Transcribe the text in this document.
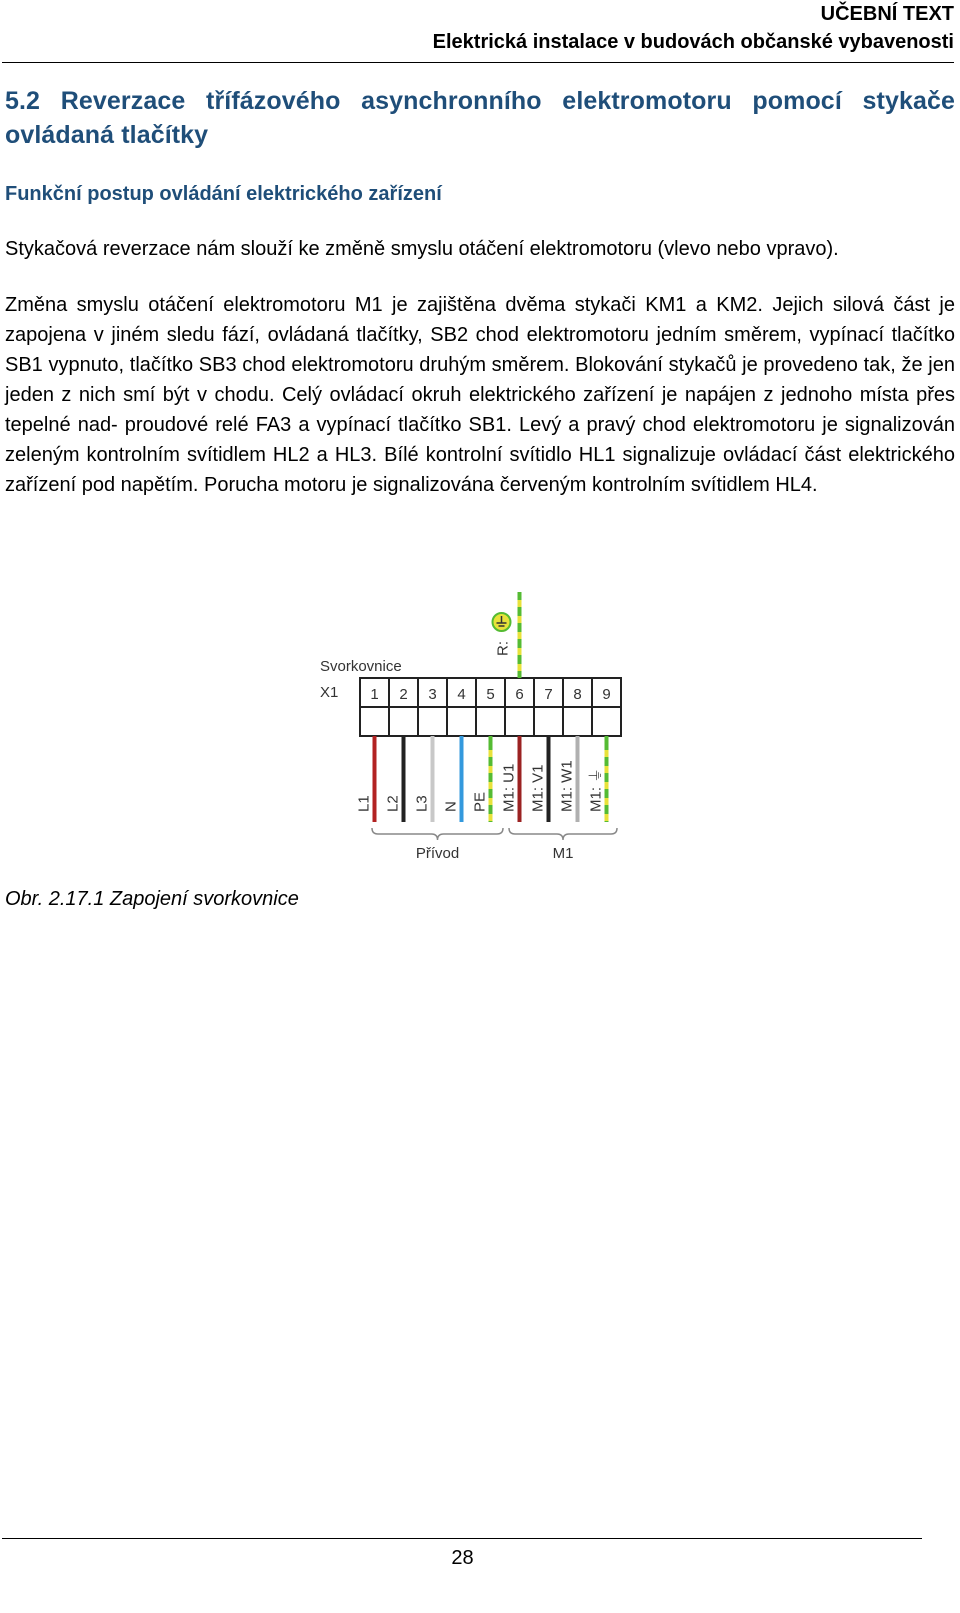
UČEBNÍ TEXT
Elektrická instalace v budovách občanské vybavenosti
5.2 Reverzace třífázového asynchronního elektromotoru pomocí stykače ovládaná tlačítky
Funkční postup ovládání elektrického zařízení

Stykačová reverzace nám slouží ke změně smyslu otáčení elektromotoru (vlevo nebo vpravo).

Změna smyslu otáčení elektromotoru M1 je zajištěna dvěma stykači KM1 a KM2. Jejich silová část je zapojena v jiném sledu fází, ovládaná tlačítky, SB2 chod elektromotoru jedním směrem, vypínací tlačítko SB1 vypnuto, tlačítko SB3 chod elektromotoru druhým směrem. Blokování stykačů je provedeno tak, že jen jeden z nich smí být v chodu. Celý ovládací okruh elektrického zařízení je napájen z jednoho místa přes tepelné nad- proudové relé FA3 a vypínací tlačítko SB1. Levý a pravý chod elektromotoru je signalizován zeleným kontrolním svítidlem HL2 a HL3. Bílé kontrolní svítidlo HL1 signalizuje ovládací část elektrického zařízení pod napětím. Porucha motoru je signalizována červeným kontrolním svítidlem HL4.

Svorkovnice
X1 1
L1
2
L2
3
L3
4
N
5
PE
6
M1: U1
7
M1: V1
8
M1: W1
9
M1: ⏚
R:
Přívod	M1
Obr. 2.17.1 Zapojení svorkovnice
28
